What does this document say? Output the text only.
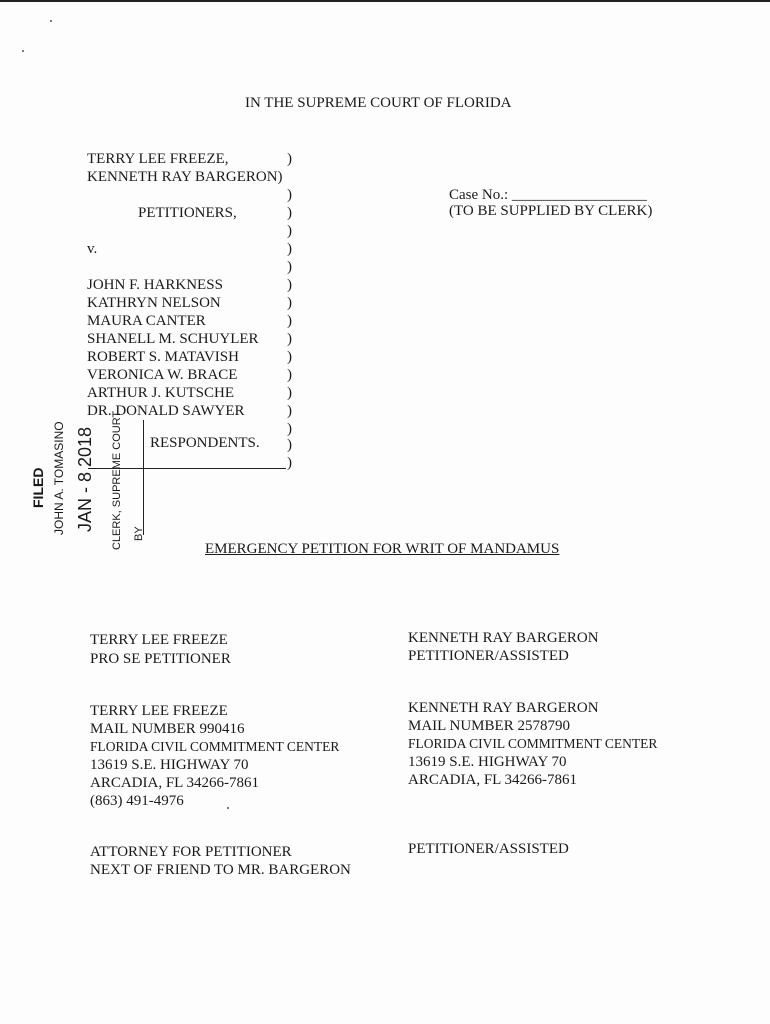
IN THE SUPREME COURT OF FLORIDA
TERRY LEE FREEZE,
KENNETH RAY BARGERON)
PETITIONERS,
v.
JOHN F. HARKNESS
KATHRYN NELSON
MAURA CANTER
SHANELL M. SCHUYLER
ROBERT S. MATAVISH
VERONICA W. BRACE
ARTHUR J. KUTSCHE
DR. DONALD SAWYER
RESPONDENTS.
)
)
)
)
)
)
)
)
)
)
)
)
)
)
)
)
)
Case No.: __________________
(TO BE SUPPLIED BY CLERK)
FILED JOHN A. TOMASINO JAN - 8 2018 CLERK, SUPREME COURT BY
EMERGENCY PETITION FOR WRIT OF MANDAMUS
TERRY LEE FREEZE
PRO SE PETITIONER
KENNETH RAY BARGERON
PETITIONER/ASSISTED
TERRY LEE FREEZE
MAIL NUMBER 990416
FLORIDA CIVIL COMMITMENT CENTER
13619 S.E. HIGHWAY 70
ARCADIA, FL 34266-7861
(863) 491-4976
KENNETH RAY BARGERON
MAIL NUMBER 2578790
FLORIDA CIVIL COMMITMENT CENTER
13619 S.E. HIGHWAY 70
ARCADIA, FL 34266-7861
ATTORNEY FOR PETITIONER
NEXT OF FRIEND TO MR. BARGERON
PETITIONER/ASSISTED
